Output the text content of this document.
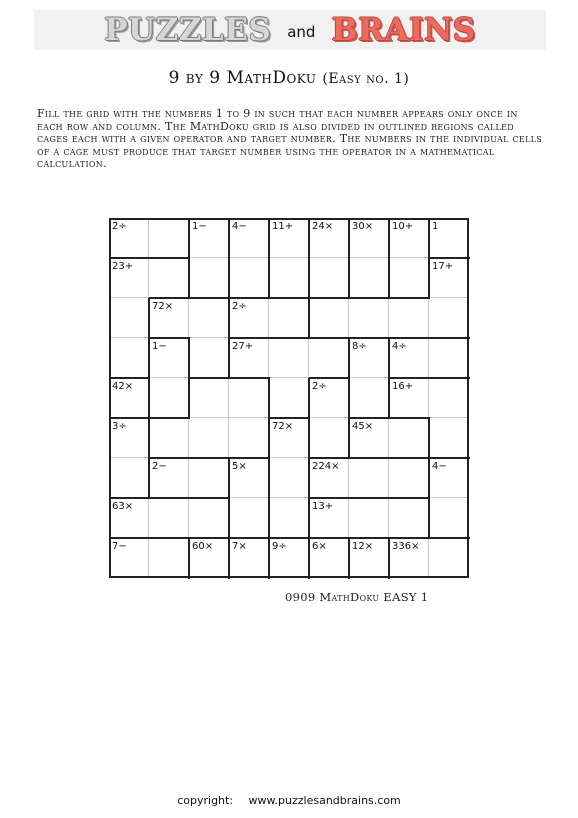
PUZZLES and BRAINS
9 by 9 MathDoku (Easy no. 1)
Fill the grid with the numbers 1 to 9 in such that each number appears only once in each row and column. The MathDoku grid is also divided in outlined regions called cages each with a given operator and target number. The numbers in the individual cells of a cage must produce that target number using the operator in a mathematical calculation.
2÷	1−	4−	11+ 24× 30× 10+ 1
23+
72×	2÷
17+
8÷	4÷
1−	27+
16+
42×	2÷
45×
3÷
2−
72×
224×	4−
5×
63×
7−
13+
7×	6×	336×
60×	9÷	12×
0909 MathDoku EASY 1
copyright: www.puzzlesandbrains.com
